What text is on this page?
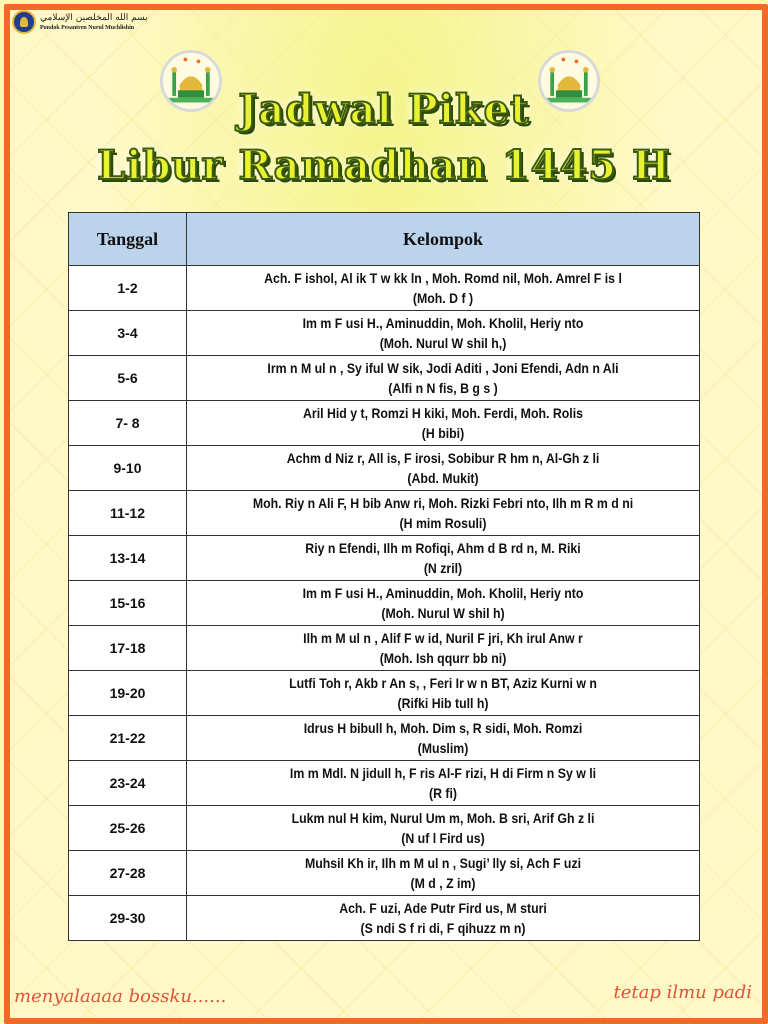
بسم الله المخلصين الإسلامي
Pondok Pesantren Nurul Muchlishin
Jadwal Piket
Libur Ramadhan 1445 H
Tanggal	Kelompok
1-2	Ach. F ishol, Al ik T w kk ln , Moh. Romd nil, Moh. Amrel F is l
(Moh. D f )

3-4	Im m F usi H., Aminuddin, Moh. Kholil, Heriy nto
(Moh. Nurul W shil h,)

5-6	Irm n M ul n , Sy iful W sik, Jodi Aditi , Joni Efendi, Adn n Ali
(Alfi n N fis, B g s )

7- 8	Aril Hid y t, Romzi H kiki, Moh. Ferdi, Moh. Rolis
(H bibi)

9-10	Achm d Niz r, All is, F irosi, Sobibur R hm n, Al-Gh z li
(Abd. Mukit)

11-12	Moh. Riy n Ali F, H bib Anw ri, Moh. Rizki Febri nto, Ilh m R m d ni
(H mim Rosuli)

13-14	Riy n Efendi, Ilh m Rofiqi, Ahm d B rd n, M. Riki
(N zril)

15-16	Im m F usi H., Aminuddin, Moh. Kholil, Heriy nto
(Moh. Nurul W shil h)

17-18	Ilh m M ul n , Alif F w id, Nuril F jri, Kh irul Anw r
(Moh. Ish qqurr bb ni)

19-20	Lutfi Toh r, Akb r An s, , Feri Ir w n BT, Aziz Kurni w n
(Rifki Hib tull h)

21-22	Idrus H bibull h, Moh. Dim s, R sidi, Moh. Romzi
(Muslim)

23-24	Im m Mdl. N jidull h, F ris Al-F rizi, H di Firm n Sy w li
(R fi)

25-26	Lukm nul H kim, Nurul Um m, Moh. B sri, Arif Gh z li
(N uf l Fird us)

27-28	Muhsil Kh ir, Ilh m M ul n , Sugi’ lly si, Ach F uzi
(M d , Z im)

29-30	Ach. F uzi, Ade Putr Fird us, M sturi
(S ndi S f ri di, F qihuzz m n)
menyalaaaa bossku......	tetap ilmu padi
